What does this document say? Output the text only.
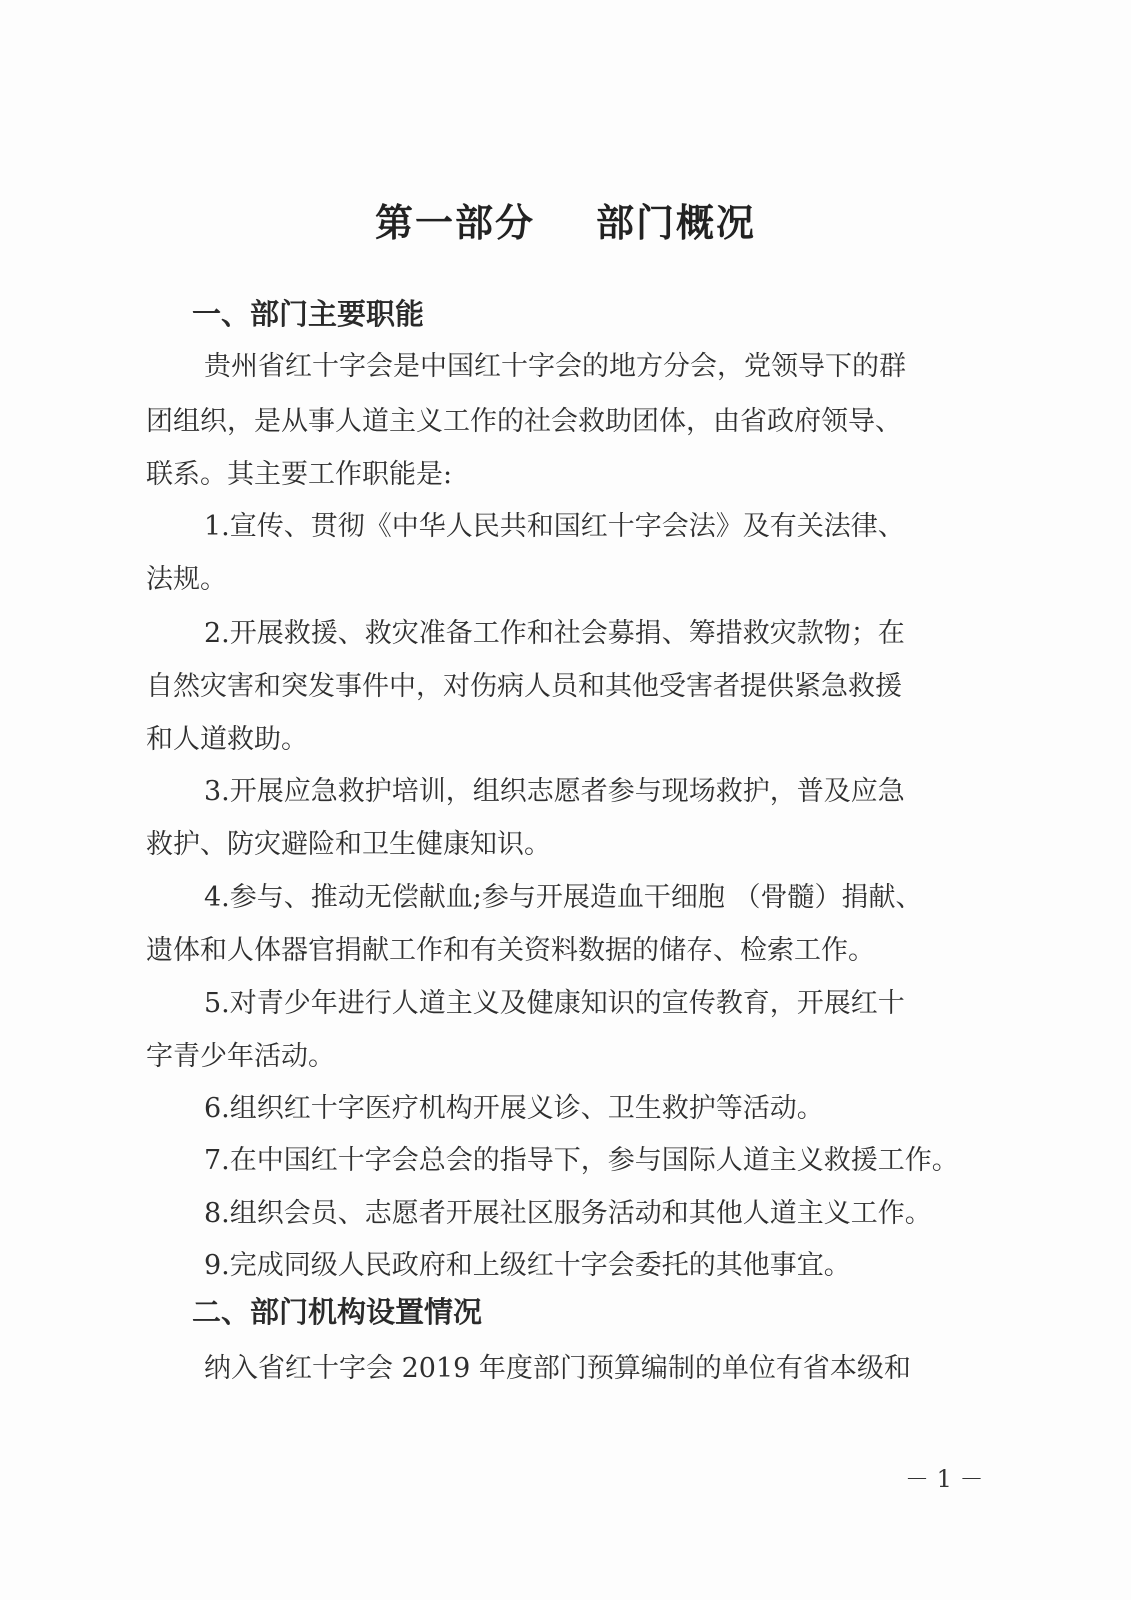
第一部分    部门概况
一、部门主要职能
贵州省红十字会是中国红十字会的地方分会，党领导下的群
团组织，是从事人道主义工作的社会救助团体，由省政府领导、
联系。其主要工作职能是:
1.宣传、贯彻《中华人民共和国红十字会法》及有关法律、
法规。
2.开展救援、救灾准备工作和社会募捐、筹措救灾款物；在
自然灾害和突发事件中，对伤病人员和其他受害者提供紧急救援
和人道救助。
3.开展应急救护培训，组织志愿者参与现场救护，普及应急
救护、防灾避险和卫生健康知识。
4.参与、推动无偿献血;参与开展造血干细胞 （骨髓）捐献、
遗体和人体器官捐献工作和有关资料数据的储存、检索工作。
5.对青少年进行人道主义及健康知识的宣传教育，开展红十
字青少年活动。
6.组织红十字医疗机构开展义诊、卫生救护等活动。
7.在中国红十字会总会的指导下，参与国际人道主义救援工作。
8.组织会员、志愿者开展社区服务活动和其他人道主义工作。
9.完成同级人民政府和上级红十字会委托的其他事宜。
二、部门机构设置情况
纳入省红十字会 2019 年度部门预算编制的单位有省本级和
－ 1 －
